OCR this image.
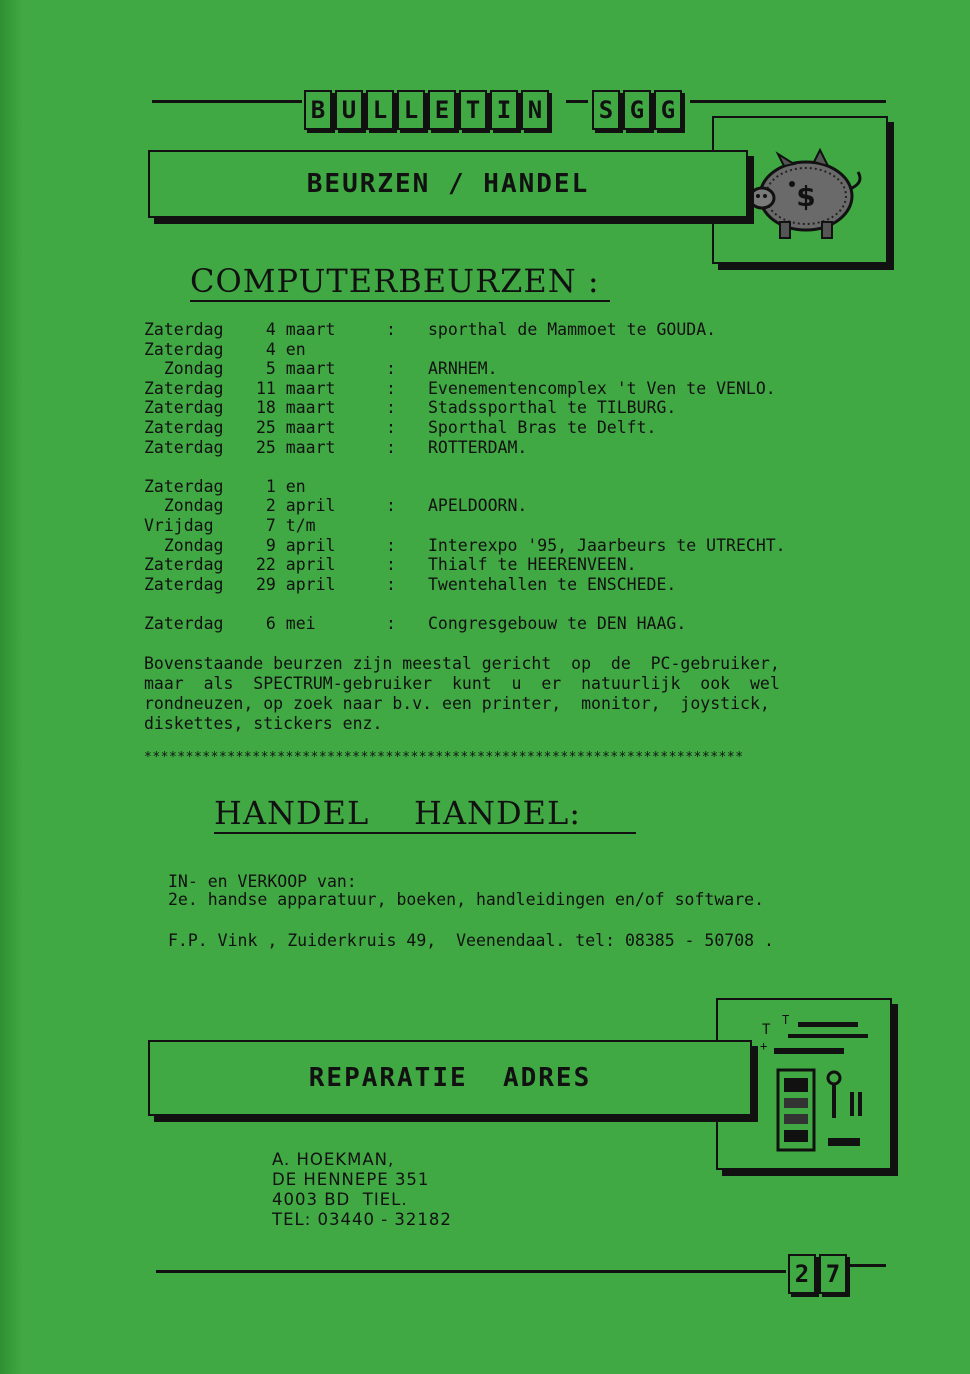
B U L L E T I N S G G
$
BEURZEN / HANDEL
COMPUTERBEURZEN :
Zaterdag	4 maart	:	sporthal de Mammoet te GOUDA.
Zaterdag	4 en
Zondag	5 maart	:	ARNHEM.
Zaterdag	11 maart	:	Evenementencomplex 't Ven te VENLO.
Zaterdag	18 maart	:	Stadssporthal te TILBURG.
Zaterdag	25 maart	:	Sporthal Bras te Delft.
Zaterdag	25 maart	:	ROTTERDAM.
Zaterdag	1 en
Zondag	2 april	:	APELDOORN.
Vrijdag	7 t/m
Zondag	9 april	:	Interexpo '95, Jaarbeurs te UTRECHT.
Zaterdag	22 april	:	Thialf te HEERENVEEN.
Zaterdag	29 april	:	Twentehallen te ENSCHEDE.
Zaterdag	6 mei	:	Congresgebouw te DEN HAAG.
Bovenstaande beurzen zijn meestal gericht  op  de  PC-gebruiker,
maar  als  SPECTRUM-gebruiker  kunt  u  er  natuurlijk  ook  wel
rondneuzen, op zoek naar b.v. een printer,  monitor,  joystick,
diskettes, stickers enz.
************************************************************************
HANDEL    HANDEL:
IN- en VERKOOP van:
2e. handse apparatuur, boeken, handleidingen en/of software.
F.P. Vink , Zuiderkruis 49,  Veenendaal. tel: 08385 - 50708 .
T
T
+
REPARATIE  ADRES
A. HOEKMAN,
DE HENNEPE 351
4003 BD  TIEL.
TEL: 03440 - 32182
2 7
